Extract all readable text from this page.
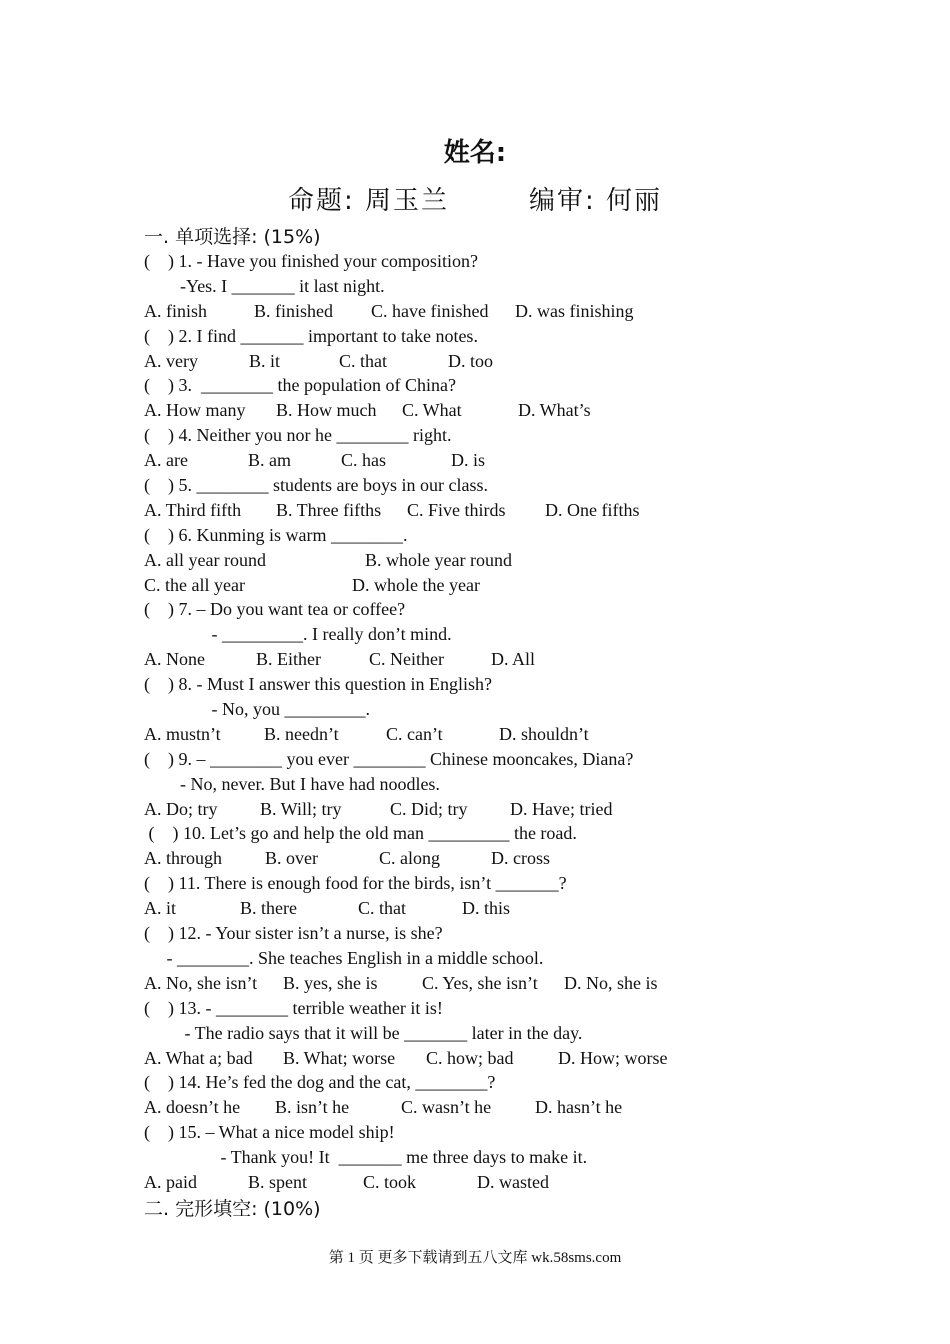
姓名:
命题: 周玉兰	编审: 何丽
一. 单项选择: (15%)
(    ) 1. - Have you finished your composition?
-Yes. I _______ it last night.
A. finish	B. finished C. have finished D. was finishing
(    ) 2. I find _______ important to take notes.
A. very	B. it	C. that	D. too
(    ) 3.  ________ the population of China?
A. How many B. How much C. What	D. What’s
(    ) 4. Neither you nor he ________ right.
A. are	B. am	C. has	D. is
(    ) 5. ________ students are boys in our class.
A. Third fifth B. Three fifths C. Five thirds D. One fifths
(    ) 6. Kunming is warm ________.
A. all year round	B. whole year round
C. the all year	D. whole the year
(    ) 7. – Do you want tea or coffee?
- _________. I really don’t mind.
A. None	B. Either	C. Neither	D. All
(    ) 8. - Must I answer this question in English?
- No, you _________.
A. mustn’t B. needn’t	C. can’t	D. shouldn’t
(    ) 9. – ________ you ever ________ Chinese mooncakes, Diana?
- No, never. But I have had noodles.
A. Do; try B. Will; try	C. Did; try D. Have; tried
(    ) 10. Let’s go and help the old man _________ the road.
A. through B. over	C. along	D. cross
(    ) 11. There is enough food for the birds, isn’t _______?
A. it	B. there	C. that	D. this
(    ) 12. - Your sister isn’t a nurse, is she?
- ________. She teaches English in a middle school.
A. No, she isn’t B. yes, she is C. Yes, she isn’t D. No, she is
(    ) 13. - ________ terrible weather it is!
- The radio says that it will be _______ later in the day.
A. What a; bad B. What; worse C. how; bad D. How; worse
(    ) 14. He’s fed the dog and the cat, ________?
A. doesn’t he B. isn’t he	C. wasn’t he D. hasn’t he
(    ) 15. – What a nice model ship!
- Thank you! It  _______ me three days to make it.
A. paid	B. spent	C. took	D. wasted
二. 完形填空: (10%)
第 1 页 更多下载请到五八文库 wk.58sms.com
